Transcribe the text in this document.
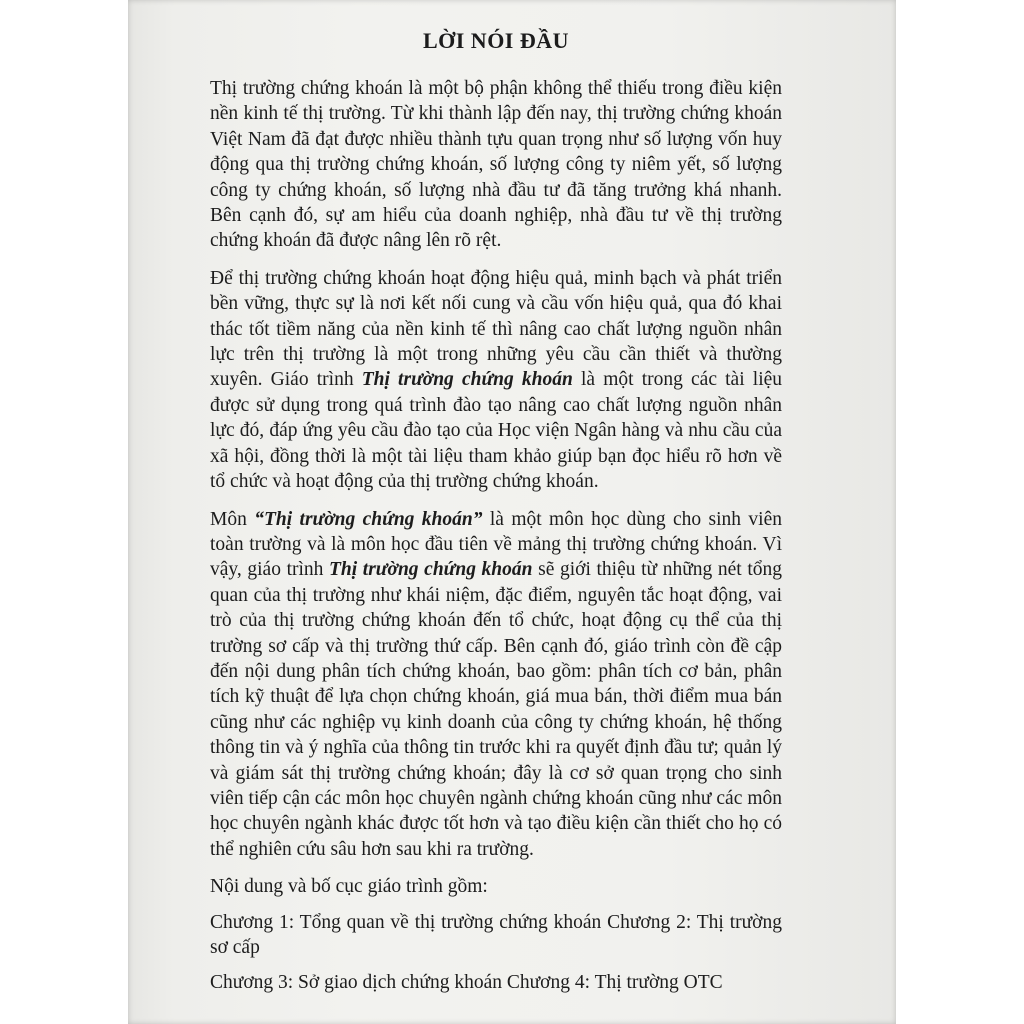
LỜI NÓI ĐẦU

Thị trường chứng khoán là một bộ phận không thể thiếu trong điều kiện nền kinh tế thị trường. Từ khi thành lập đến nay, thị trường chứng khoán Việt Nam đã đạt được nhiều thành tựu quan trọng như số lượng vốn huy động qua thị trường chứng khoán, số lượng công ty niêm yết, số lượng công ty chứng khoán, số lượng nhà đầu tư đã tăng trưởng khá nhanh. Bên cạnh đó, sự am hiểu của doanh nghiệp, nhà đầu tư về thị trường chứng khoán đã được nâng lên rõ rệt.

Để thị trường chứng khoán hoạt động hiệu quả, minh bạch và phát triển bền vững, thực sự là nơi kết nối cung và cầu vốn hiệu quả, qua đó khai thác tốt tiềm năng của nền kinh tế thì nâng cao chất lượng nguồn nhân lực trên thị trường là một trong những yêu cầu cần thiết và thường xuyên. Giáo trình Thị trường chứng khoán là một trong các tài liệu được sử dụng trong quá trình đào tạo nâng cao chất lượng nguồn nhân lực đó, đáp ứng yêu cầu đào tạo của Học viện Ngân hàng và nhu cầu của xã hội, đồng thời là một tài liệu tham khảo giúp bạn đọc hiểu rõ hơn về tổ chức và hoạt động của thị trường chứng khoán.

Môn “Thị trường chứng khoán” là một môn học dùng cho sinh viên toàn trường và là môn học đầu tiên về mảng thị trường chứng khoán. Vì vậy, giáo trình Thị trường chứng khoán sẽ giới thiệu từ những nét tổng quan của thị trường như khái niệm, đặc điểm, nguyên tắc hoạt động, vai trò của thị trường chứng khoán đến tổ chức, hoạt động cụ thể của thị trường sơ cấp và thị trường thứ cấp. Bên cạnh đó, giáo trình còn đề cập đến nội dung phân tích chứng khoán, bao gồm: phân tích cơ bản, phân tích kỹ thuật để lựa chọn chứng khoán, giá mua bán, thời điểm mua bán cũng như các nghiệp vụ kinh doanh của công ty chứng khoán, hệ thống thông tin và ý nghĩa của thông tin trước khi ra quyết định đầu tư; quản lý và giám sát thị trường chứng khoán; đây là cơ sở quan trọng cho sinh viên tiếp cận các môn học chuyên ngành chứng khoán cũng như các môn học chuyên ngành khác được tốt hơn và tạo điều kiện cần thiết cho họ có thể nghiên cứu sâu hơn sau khi ra trường.

Nội dung và bố cục giáo trình gồm:

Chương 1: Tổng quan về thị trường chứng khoán Chương 2: Thị trường sơ cấp

Chương 3: Sở giao dịch chứng khoán Chương 4: Thị trường OTC
